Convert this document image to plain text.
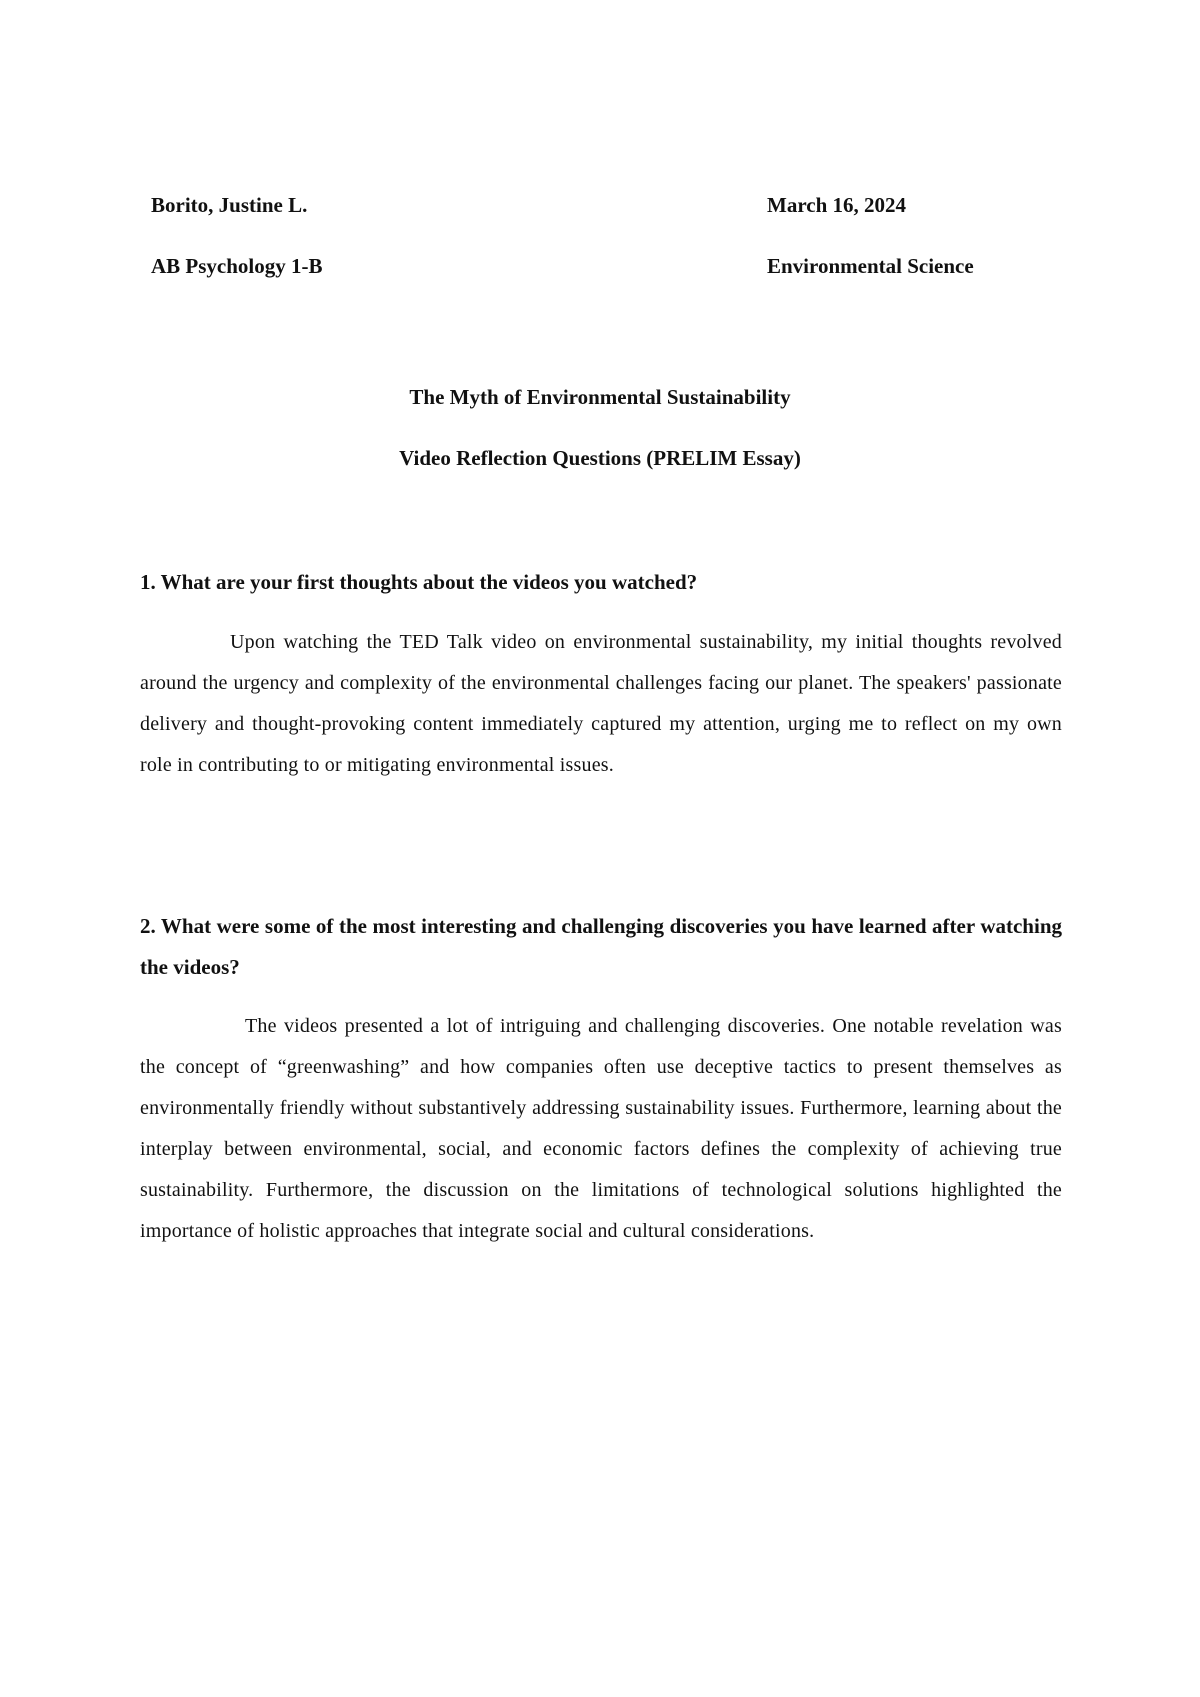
Borito, Justine L.
AB Psychology 1-B
March 16, 2024
Environmental Science
The Myth of Environmental Sustainability
Video Reflection Questions (PRELIM Essay)
1. What are your first thoughts about the videos you watched?
Upon watching the TED Talk video on environmental sustainability, my initial thoughts revolved around the urgency and complexity of the environmental challenges facing our planet. The speakers' passionate delivery and thought-provoking content immediately captured my attention, urging me to reflect on my own role in contributing to or mitigating environmental issues.
2. What were some of the most interesting and challenging discoveries you have learned after watching the videos?
The videos presented a lot of intriguing and challenging discoveries. One notable revelation was the concept of “greenwashing” and how companies often use deceptive tactics to present themselves as environmentally friendly without substantively addressing sustainability issues. Furthermore, learning about the interplay between environmental, social, and economic factors defines the complexity of achieving true sustainability. Furthermore, the discussion on the limitations of technological solutions highlighted the importance of holistic approaches that integrate social and cultural considerations.
